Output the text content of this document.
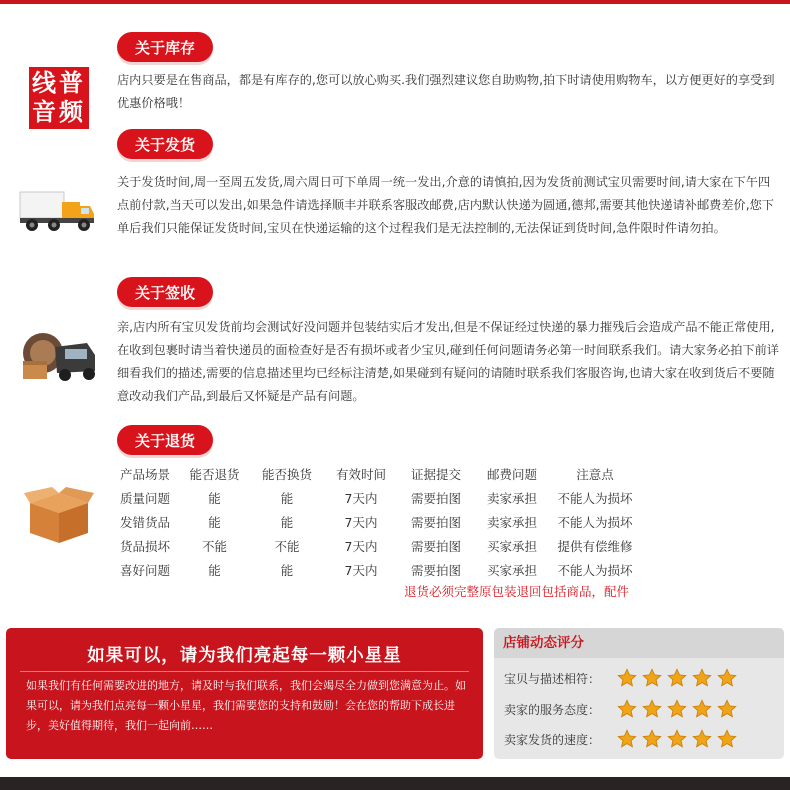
线普
音频
关于库存

店内只要是在售商品，都是有库存的,您可以放心购买.我们强烈建议您自助购物,拍下时请使用购物车，以方便更好的享受到优惠价格哦！

关于发货

关于发货时间,周一至周五发货,周六周日可下单周一统一发出,介意的请慎拍,因为发货前测试宝贝需要时间,请大家在下午四点前付款,当天可以发出,如果急件请选择顺丰并联系客服改邮费,店内默认快递为圆通,德邦,需要其他快递请补邮费差价,您下单后我们只能保证发货时间,宝贝在快递运输的这个过程我们是无法控制的,无法保证到货时间,急件限时件请勿拍。

关于签收

亲,店内所有宝贝发货前均会测试好没问题并包装结实后才发出,但是不保证经过快递的暴力摧残后会造成产品不能正常使用,在收到包裹时请当着快递员的面检查好是否有损坏或者少宝贝,碰到任何问题请务必第一时间联系我们。请大家务必拍下前详细看我们的描述,需要的信息描述里均已经标注清楚,如果碰到有疑问的请随时联系我们客服咨询,也请大家在收到货后不要随意改动我们产品,到最后又怀疑是产品有问题。

关于退货
产品场景	能否退货	能否换货	有效时间	证据提交	邮费问题	注意点
质量问题	能	能	7天内	需要拍图	卖家承担	不能人为损坏
发错货品	能	能	7天内	需要拍图	卖家承担	不能人为损坏
货品损坏	不能	不能	7天内	需要拍图	买家承担	提供有偿维修
喜好问题	能	能	7天内	需要拍图	买家承担	不能人为损坏
退货必须完整原包装退回包括商品，配件
如果可以，请为我们亮起每一颗小星星

如果我们有任何需要改进的地方，请及时与我们联系，我们会竭尽全力做到您满意为止。如果可以，请为我们点亮每一颗小星星，我们需要您的支持和鼓励！会在您的帮助下成长进步，美好值得期待，我们一起向前……

店铺动态评分
宝贝与描述相符：
卖家的服务态度：
卖家发货的速度：
